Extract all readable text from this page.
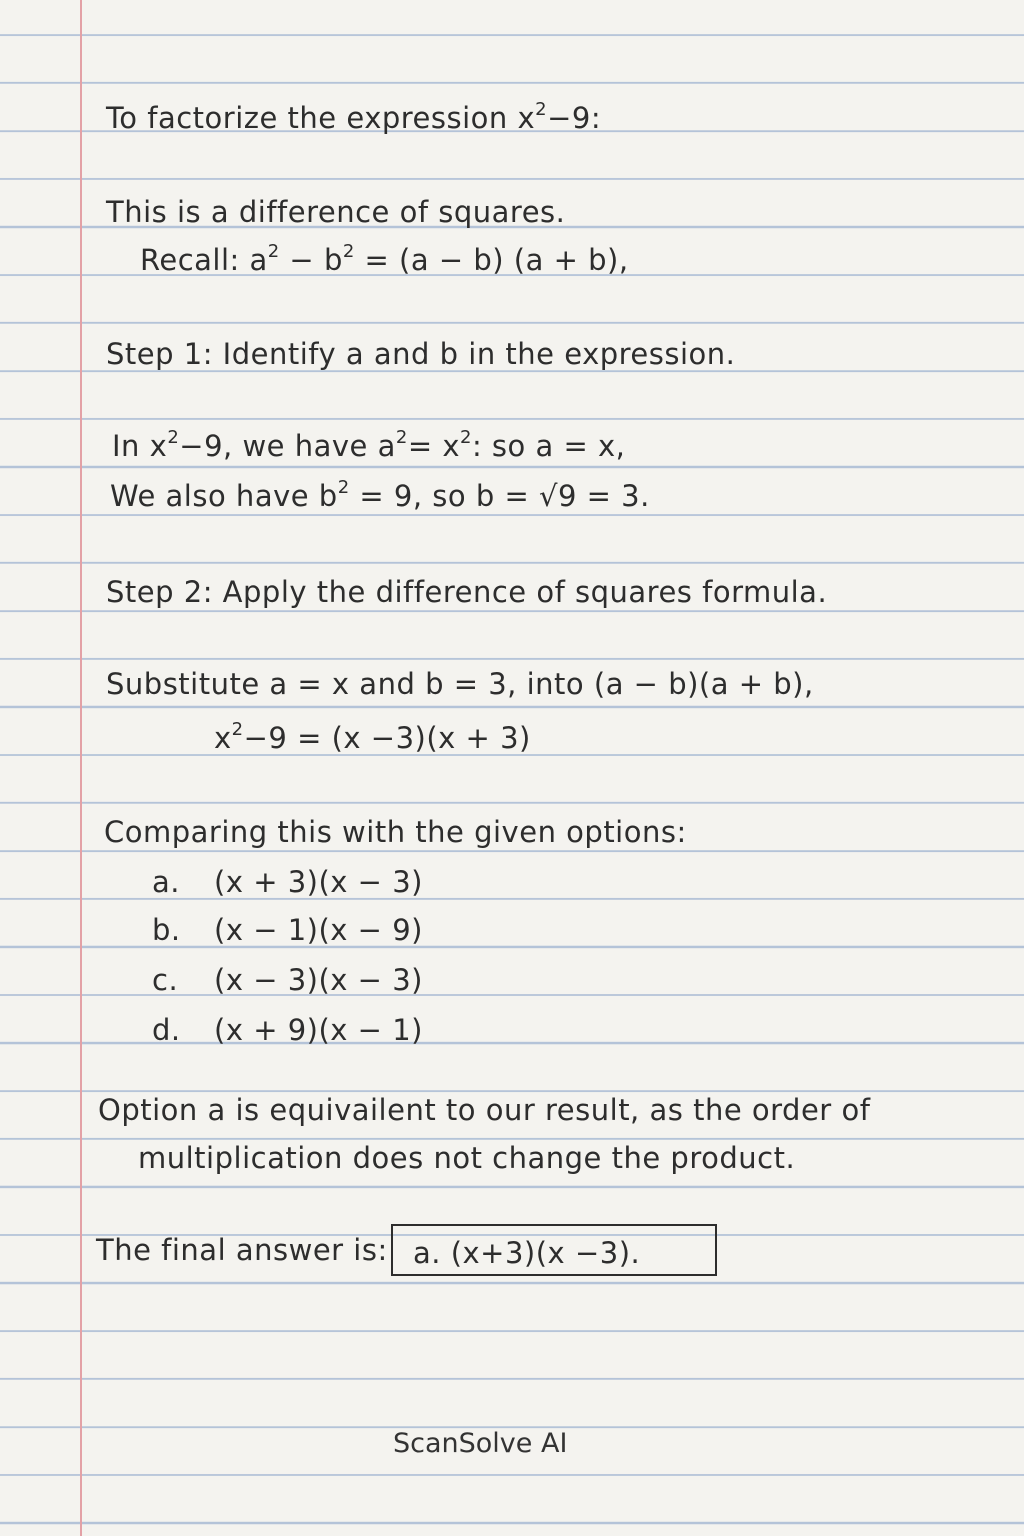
To factorize the expression $x^2-9$:
This is a difference of squares.
Recall: $a^2 - b^2 = (a - b) (a + b)$,
Step 1: Identify a and b in the expression.
In $x^2-9$, we have $a^2= x^2$: so a = x,
We also have $b^2 = 9$, so b = √9 = 3.
Step 2: Apply the difference of squares formula.
Substitute a = x and b = 3, into (a − b)(a + b),
$x^2-9 = (x -3)(x + 3)$
Comparing this with the given options:
a. (x + 3)(x − 3)
b. (x − 1)(x − 9)
c. (x − 3)(x − 3)
d. (x + 9)(x − 1)
Option a is equivailent to our result, as the order of
multiplication does not change the product.
The final answer is: a. (x+3)(x −3).
ScanSolve AI
